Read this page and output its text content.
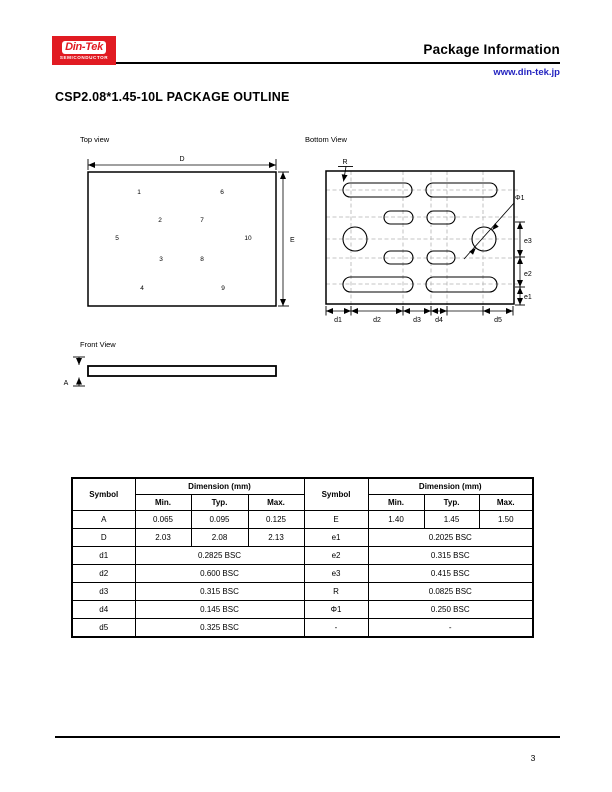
Din-Tek
SEMICONDUCTOR	Package Information
www.din-tek.jp
CSP2.08*1.45-10L PACKAGE OUTLINE
Top view
D
E
1
2
3
4
5
6
7
8
9
10
Bottom View
R
Φ1
d1	d2	d3 d4	d5
e3
e2
e1
Front View
A
Symbol	Dimension (mm)			Symbol	Dimension (mm)		
	Min.	Typ.	Max.		Min.	Typ.	Max.
A	0.065	0.095	0.125	E	1.40	1.45	1.50
D	2.03	2.08	2.13	e1	0.2025 BSC		
d1	0.2825 BSC			e2	0.315 BSC		
d2	0.600 BSC			e3	0.415 BSC		
d3	0.315 BSC			R	0.0825 BSC		
d4	0.145 BSC			Φ1	0.250 BSC		
d5	0.325 BSC			-	-		
3
